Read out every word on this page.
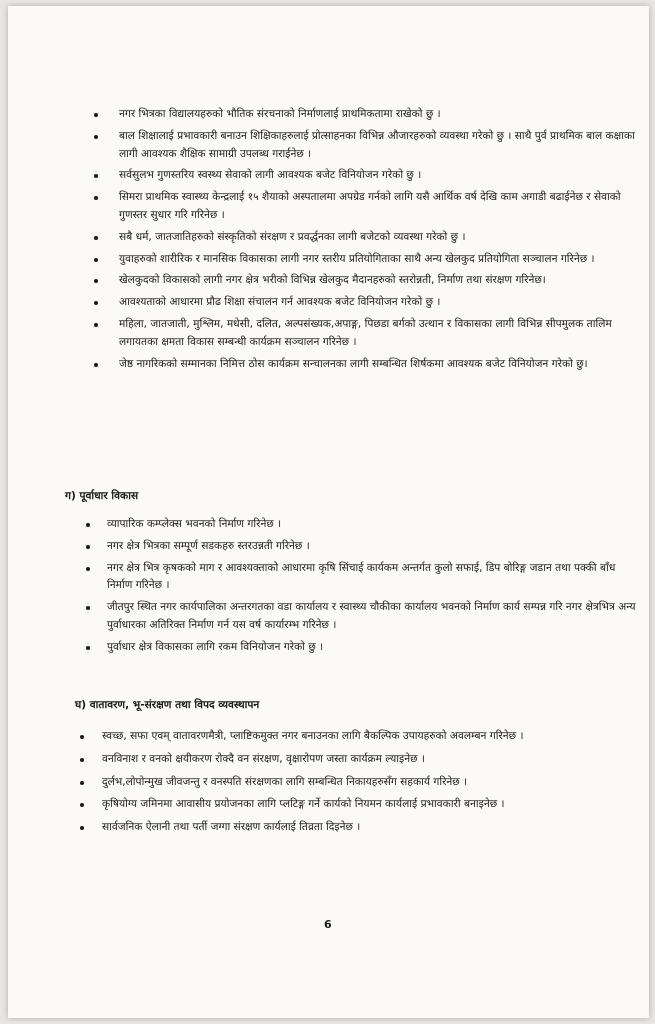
नगर भित्रका विद्यालयहरुको भौतिक संरचनाको निर्माणलाई प्राथमिकतामा राखेको छु ।
बाल शिक्षालाई प्रभावकारी बनाउन शिक्षिकाहरुलाई प्रोत्साहनका विभिन्न औजारहरुको व्यवस्था गरेको छु । साथै पुर्व प्राथमिक बाल कक्षाका लागी आवश्यक शैक्षिक सामाग्री उपलब्ध गराईनेछ ।
सर्वसुलभ गुणस्तरिय स्वस्थ्य सेवाको लागी आवश्यक बजेट विनियोजन गरेको छु ।
सिमरा प्राथमिक स्वास्थ्य केन्द्रलाई १५ शैयाको अस्पतालमा अपग्रेड गर्नको लागि यसै आर्थिक वर्ष देखि काम अगाडी बढाईनेछ र सेवाको गुणस्तर सुधार गरि गरिनेछ ।
सबै धर्म, जातजातिहरुको संस्कृतिको संरक्षण र प्रवर्द्धनका लागी बजेटको व्यवस्था गरेको छु ।
युवाहरुको शारीरिक र मानसिक विकासका लागी नगर स्तरीय प्रतियोगिताका साथै अन्य खेलकुद प्रतियोगिता सञ्चालन गरिनेछ ।
खेलकुदको विकासको लागी नगर क्षेत्र भरीको विभिन्न खेलकुद मैदानहरुको स्तरोन्नती, निर्माण तथा संरक्षण गरिनेछ।
आवश्यताको आधारमा प्रौढ शिक्षा संचालन गर्न आवश्यक बजेट विनियोजन गरेको छु ।
महिला, जातजाती, मुश्लिम, मधेसी, दलित, अल्पसंख्यक,अपाङ्ग, पिछडा बर्गको उत्थान र विकासका लागी विभिन्न सीपमुलक तालिम लगायतका क्षमता विकास सम्बन्धी कार्यक्रम सञ्चालन गरिनेछ ।
जेष्ठ नागरिकको सम्मानका निमित्त ठोस कार्यक्रम सन्चालनका लागी सम्बन्धित शिर्षकमा आवश्यक बजेट विनियोजन गरेको छु।
ग) पूर्वाधार विकास
व्यापारिक कम्प्लेक्स भवनको निर्माण गरिनेछ ।
नगर क्षेत्र भित्रका सम्पूर्ण सडकहरु स्तरउन्नती गरिनेछ ।
नगर क्षेत्र भित्र कृषकको माग र आवश्यक्ताको आधारमा कृषि सिंचाई कार्यकम अन्तर्गत कुलो सफाई, डिप बोरिङ्ग जडान तथा पक्की बाँध निर्माण गरिनेछ ।
जीतपुर स्थित नगर कार्यपालिका अन्तरगतका वडा कार्यालय र स्वास्थ्य चौकीका कार्यालय भवनको निर्माण कार्य सम्पन्न गरि नगर क्षेत्रभित्र अन्य पुर्वाधारका अतिरिक्त निर्माण गर्न यस वर्ष कार्यारम्भ गरिनेछ ।
पुर्वाधार क्षेत्र विकासका लागि रकम विनियोजन गरेको छु ।
घ) वातावरण, भू-संरक्षण तथा विपद व्यवस्थापन
स्वच्छ, सफा एवम् वातावरणमैत्री, प्लाष्टिकमुक्त नगर बनाउनका लागि बैकल्पिक उपायहरुको अवलम्बन गरिनेछ ।
वनविनाश र वनको क्षयीकरण रोक्दै वन संरक्षण, वृक्षारोपण जस्ता कार्यक्रम ल्याइनेछ ।
दुर्लभ,लोपोन्मुख जीवजन्तु र वनस्पति संरक्षणका लागि सम्बन्धित निकायहरुसँग सहकार्य गरिनेछ ।
कृषियोग्य जमिनमा आवासीय प्रयोजनका लागि प्लटिङ्ग गर्ने कार्यको नियमन कार्यलाई प्रभावकारी बनाइनेछ ।
सार्वजनिक ऐलानी तथा पर्ती जग्गा संरक्षण कार्यलाई तिव्रता दिइनेछ ।
6
